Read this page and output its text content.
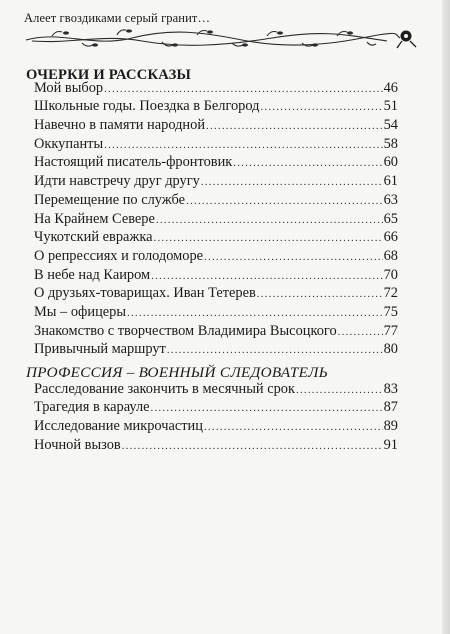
Алеет гвоздиками серый гранит…
ОЧЕРКИ И РАССКАЗЫ
Мой выбор .....	46
Школьные годы. Поездка в Белгород .....	51
Навечно в памяти народной .....	54
Оккупанты .....	58
Настоящий писатель-фронтовик .....	60
Идти навстречу друг другу .....	61
Перемещение по службе .....	63
На Крайнем Севере .....	65
Чукотский евражка .....	66
О репрессиях и голодоморе .....	68
В небе над Каиром .....	70
О друзьях-товарищах. Иван Тетерев .....	72
Мы – офицеры .....	75
Знакомство с творчеством Владимира Высоцкого .....	77
Привычный маршрут .....	80
ПРОФЕССИЯ – ВОЕННЫЙ СЛЕДОВАТЕЛЬ
Расследование закончить в месячный срок .....	83
Трагедия в карауле .....	87
Исследование микрочастиц .....	89
Ночной вызов .....	91
